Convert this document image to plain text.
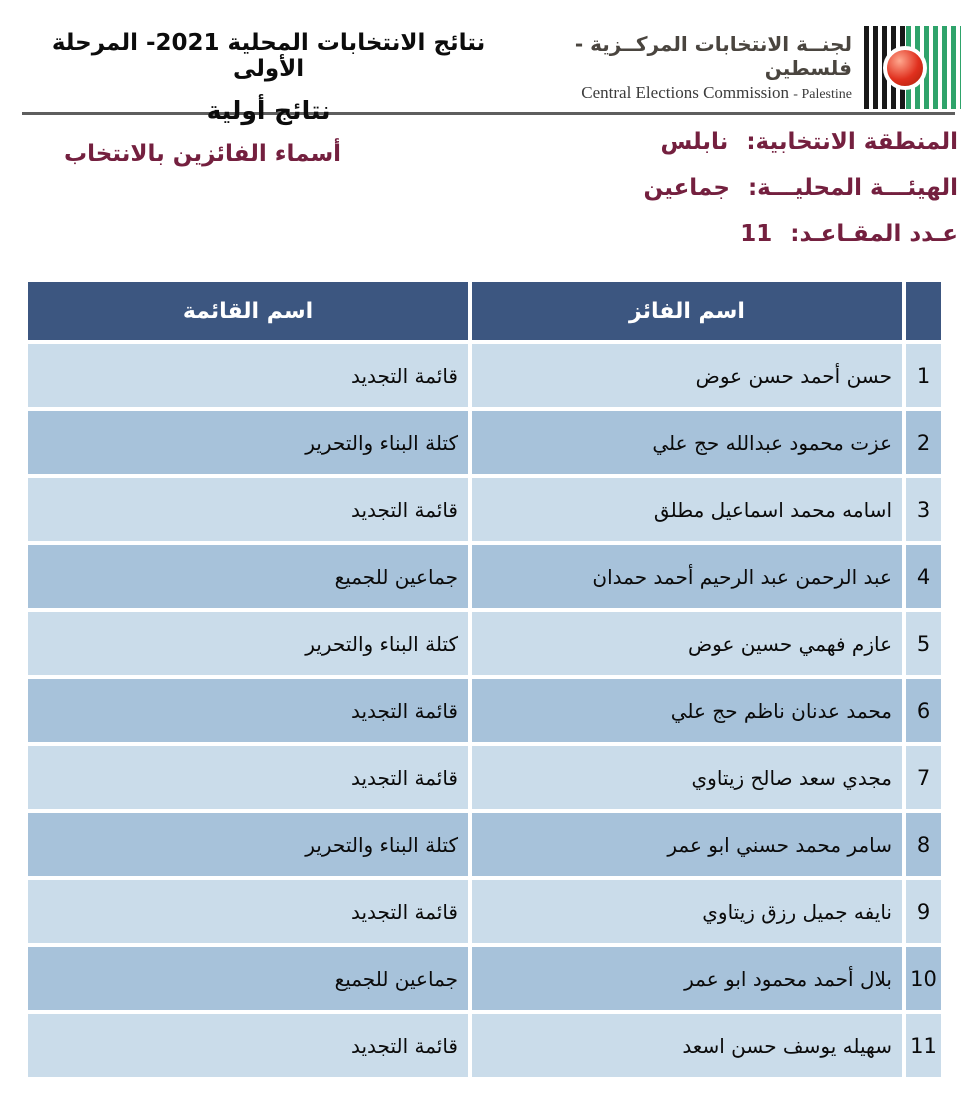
نتائج الانتخابات المحلية 2021- المرحلة الأولى
نتائج أولية
لجنــة الانتخابات المركــزية - فلسطين
Central Elections Commission - Palestine
أسماء الفائزين بالانتخاب	المنطقة الانتخابية: نابلس
الهيئـــة المحليـــة: جماعين
عـدد المقـاعـد: 11
اسم القائمة	اسم الفائز
قائمة التجديد	حسن أحمد حسن عوض	1
كتلة البناء والتحرير	عزت محمود عبدالله حج علي	2
قائمة التجديد	اسامه محمد اسماعيل مطلق	3
جماعين للجميع	عبد الرحمن عبد الرحيم أحمد حمدان	4
كتلة البناء والتحرير	عازم فهمي حسين عوض	5
قائمة التجديد	محمد عدنان ناظم حج علي	6
قائمة التجديد	مجدي سعد صالح زيتاوي	7
كتلة البناء والتحرير	سامر محمد حسني ابو عمر	8
قائمة التجديد	نايفه جميل رزق زيتاوي	9
جماعين للجميع	بلال أحمد محمود ابو عمر 10
قائمة التجديد	سهيله يوسف حسن اسعد 11
